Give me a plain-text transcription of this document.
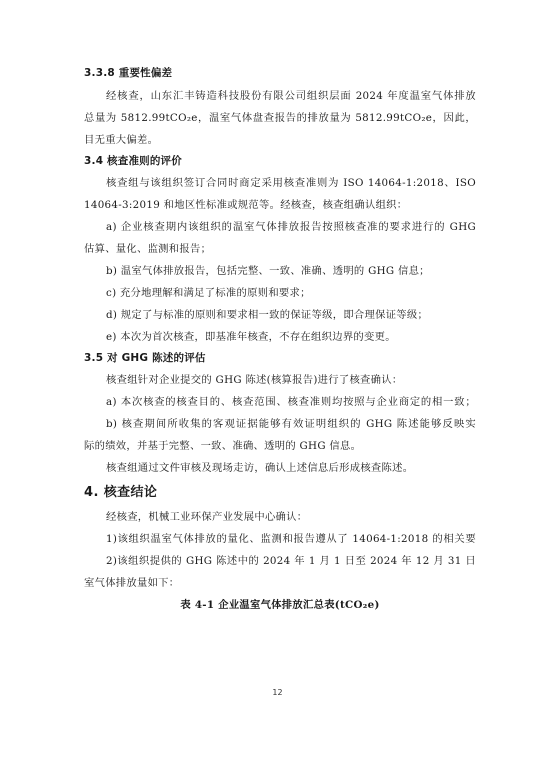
3.3.8 重要性偏差
经核查，山东汇丰铸造科技股份有限公司组织层面 2024 年度温室气体排放
总量为 5812.99tCO₂e，温室气体盘查报告的排放量为 5812.99tCO₂e，因此，
目无重大偏差。
3.4 核查准则的评价
核查组与该组织签订合同时商定采用核查准则为 ISO 14064-1:2018、ISO
14064-3:2019 和地区性标准或规范等。经核查，核查组确认组织：
a) 企业核查期内该组织的温室气体排放报告按照核查准的要求进行的 GHG
估算、量化、监测和报告；
b) 温室气体排放报告，包括完整、一致、准确、透明的 GHG 信息；
c) 充分地理解和满足了标准的原则和要求；
d) 规定了与标准的原则和要求相一致的保证等级，即合理保证等级；
e) 本次为首次核查，即基准年核查，不存在组织边界的变更。
3.5 对 GHG 陈述的评估
核查组针对企业提交的 GHG 陈述(核算报告)进行了核查确认：
a) 本次核查的核查目的、核查范围、核查准则均按照与企业商定的相一致；
b) 核查期间所收集的客观证据能够有效证明组织的 GHG 陈述能够反映实
际的绩效，并基于完整、一致、准确、透明的 GHG 信息。
核查组通过文件审核及现场走访，确认上述信息后形成核查陈述。
4. 核查结论
经核查，机械工业环保产业发展中心确认：
1)该组织温室气体排放的量化、监测和报告遵从了 14064-1:2018 的相关要
2)该组织提供的 GHG 陈述中的 2024 年 1 月 1 日至 2024 年 12 月 31 日
室气体排放量如下：
表 4-1 企业温室气体排放汇总表(tCO₂e)
12
